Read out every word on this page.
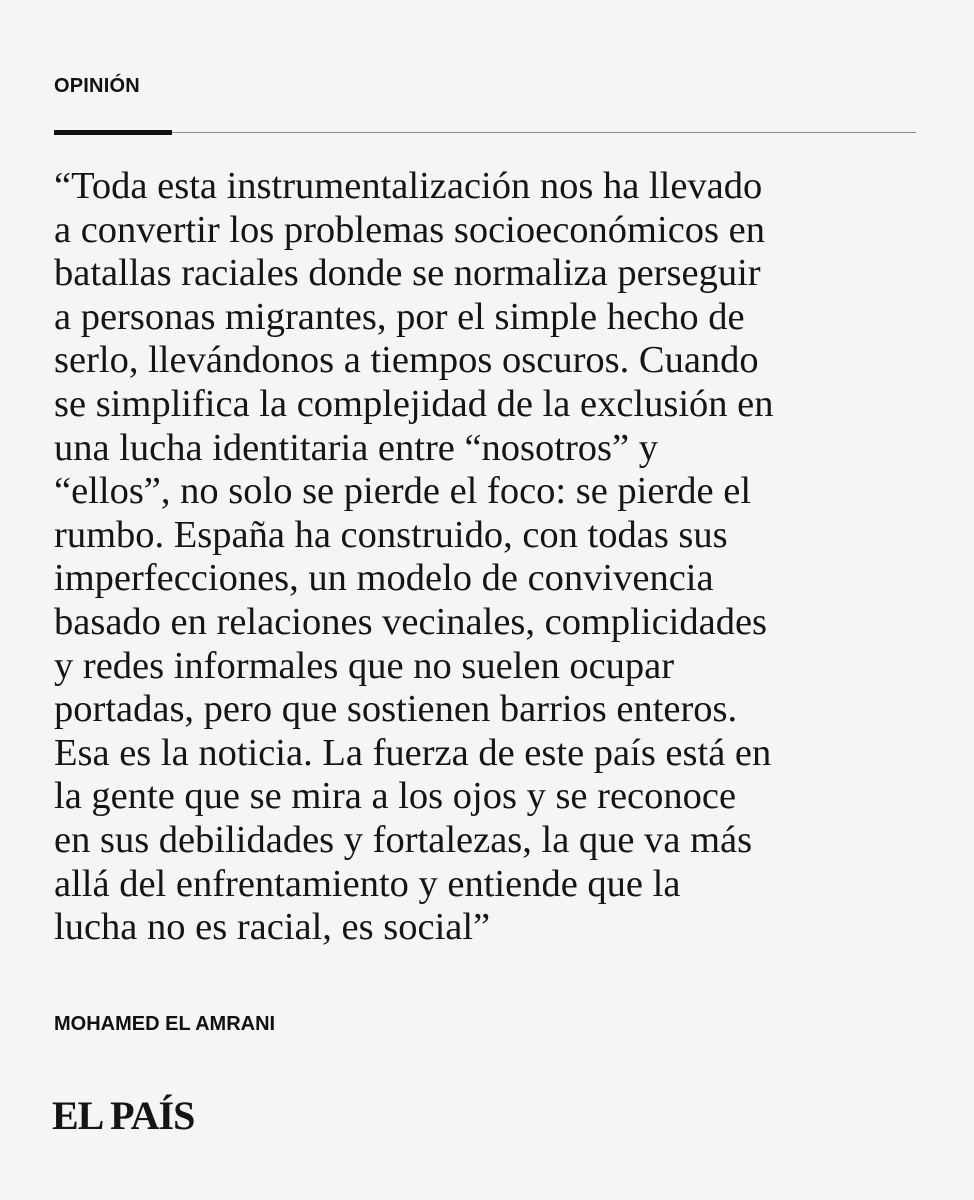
OPINIÓN

“Toda esta instrumentalización nos ha llevado
a convertir los problemas socioeconómicos en
batallas raciales donde se normaliza perseguir
a personas migrantes, por el simple hecho de
serlo, llevándonos a tiempos oscuros. Cuando
se simplifica la complejidad de la exclusión en
una lucha identitaria entre “nosotros” y
“ellos”, no solo se pierde el foco: se pierde el
rumbo. España ha construido, con todas sus
imperfecciones, un modelo de convivencia
basado en relaciones vecinales, complicidades
y redes informales que no suelen ocupar
portadas, pero que sostienen barrios enteros.
Esa es la noticia. La fuerza de este país está en
la gente que se mira a los ojos y se reconoce
en sus debilidades y fortalezas, la que va más
allá del enfrentamiento y entiende que la
lucha no es racial, es social”

MOHAMED EL AMRANI
EL PAÍS
